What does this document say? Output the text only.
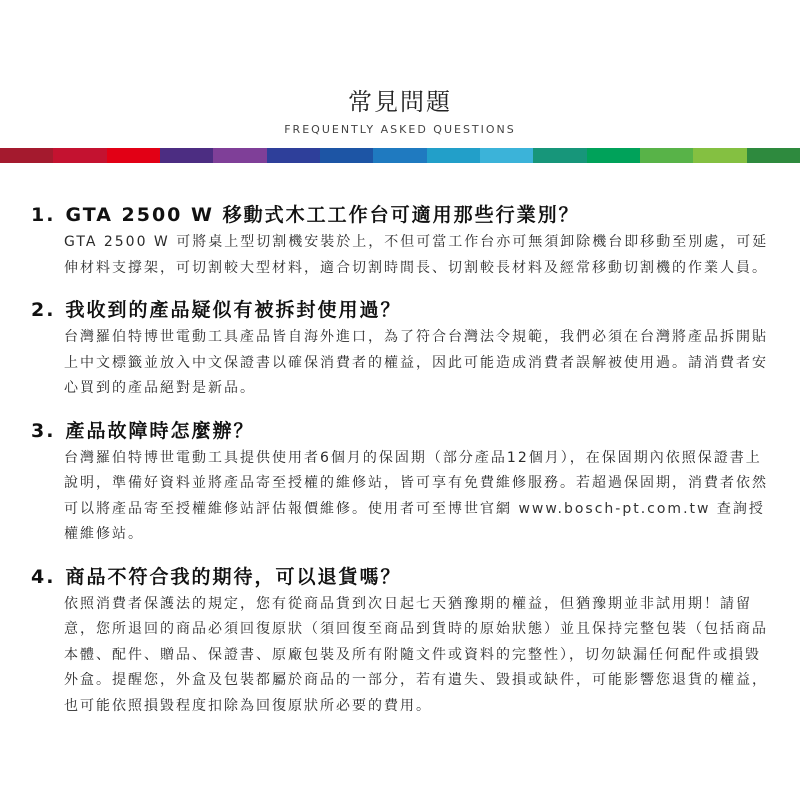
常見問題
FREQUENTLY ASKED QUESTIONS
1. GTA 2500 W 移動式木工工作台可適用那些行業別？
GTA 2500 W 可將桌上型切割機安裝於上，不但可當工作台亦可無須卸除機台即移動至別處，可延伸材料支撐架，可切割較大型材料，適合切割時間長、切割較長材料及經常移動切割機的作業人員。
2. 我收到的產品疑似有被拆封使用過？
台灣羅伯特博世電動工具產品皆自海外進口，為了符合台灣法令規範，我們必須在台灣將產品拆開貼上中文標籤並放入中文保證書以確保消費者的權益，因此可能造成消費者誤解被使用過。請消費者安心買到的產品絕對是新品。
3. 產品故障時怎麼辦？
台灣羅伯特博世電動工具提供使用者6個月的保固期（部分產品12個月），在保固期內依照保證書上說明，準備好資料並將產品寄至授權的維修站，皆可享有免費維修服務。若超過保固期，消費者依然可以將產品寄至授權維修站評估報價維修。使用者可至博世官網 www.bosch-pt.com.tw 查詢授權維修站。
4. 商品不符合我的期待，可以退貨嗎？
依照消費者保護法的規定，您有從商品貨到次日起七天猶豫期的權益，但猶豫期並非試用期！請留意，您所退回的商品必須回復原狀（須回復至商品到貨時的原始狀態）並且保持完整包裝（包括商品本體、配件、贈品、保證書、原廠包裝及所有附隨文件或資料的完整性），切勿缺漏任何配件或損毀外盒。提醒您，外盒及包裝都屬於商品的一部分，若有遺失、毀損或缺件，可能影響您退貨的權益，也可能依照損毀程度扣除為回復原狀所必要的費用。
